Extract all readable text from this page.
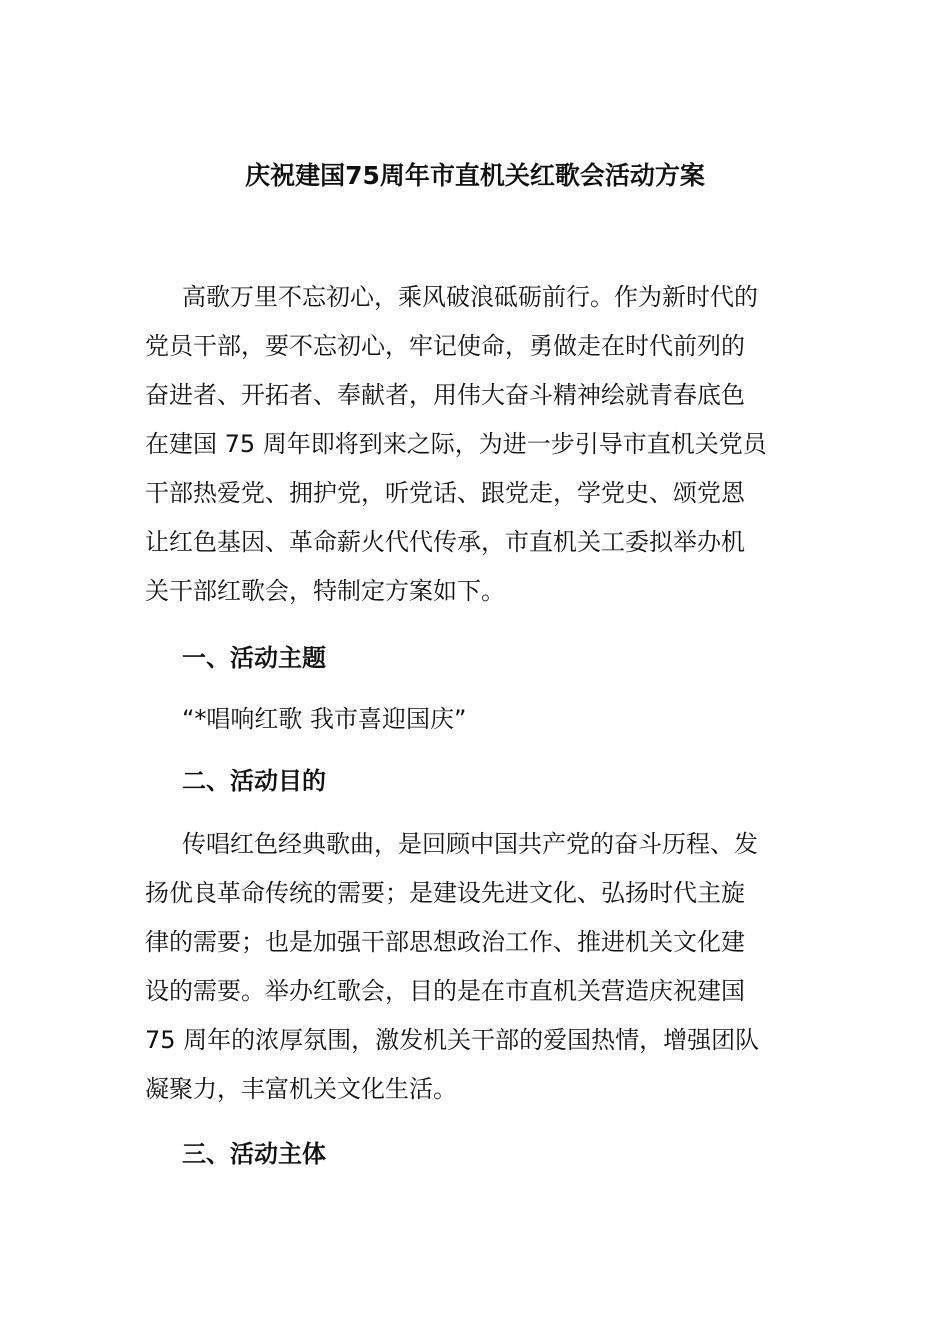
庆祝建国75周年市直机关红歌会活动方案
高歌万里不忘初心，乘风破浪砥砺前行。作为新时代的
党员干部，要不忘初心，牢记使命，勇做走在时代前列的
奋进者、开拓者、奉献者，用伟大奋斗精神绘就青春底色
在建国 75 周年即将到来之际，为进一步引导市直机关党员
干部热爱党、拥护党，听党话、跟党走，学党史、颂党恩
让红色基因、革命薪火代代传承，市直机关工委拟举办机
关干部红歌会，特制定方案如下。
一、活动主题
“*唱响红歌 我市喜迎国庆”
二、活动目的
传唱红色经典歌曲，是回顾中国共产党的奋斗历程、发
扬优良革命传统的需要；是建设先进文化、弘扬时代主旋
律的需要；也是加强干部思想政治工作、推进机关文化建
设的需要。举办红歌会，目的是在市直机关营造庆祝建国
75 周年的浓厚氛围，激发机关干部的爱国热情，增强团队
凝聚力，丰富机关文化生活。
三、活动主体
